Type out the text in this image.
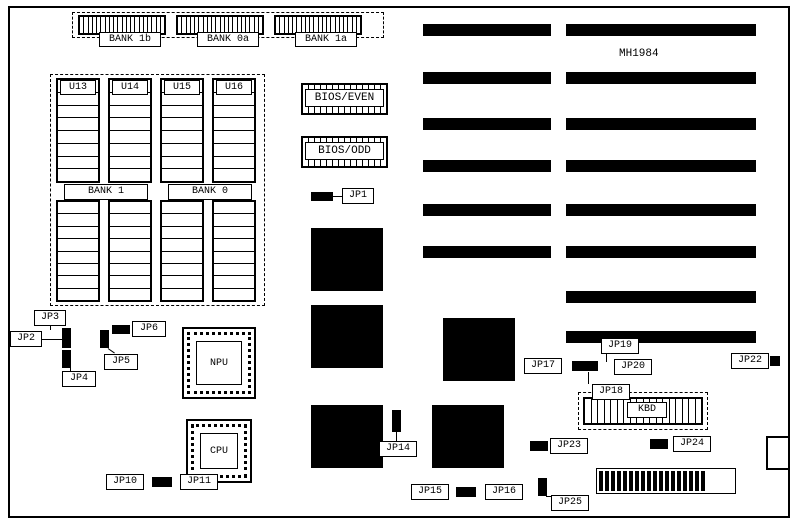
BANK 1b	BANK 0a	BANK 1a
U13	U14	U15	U16
BANK 1	BANK 0
BIOS/EVEN
BIOS/ODD
MH1984
NPU
CPU
KBD
JP1
JP3
JP2
JP4
JP5
JP6
JP10	JP11
JP14
JP15	JP16
JP17
JP19
JP20
JP18
JP22
JP23	JP24
JP25
